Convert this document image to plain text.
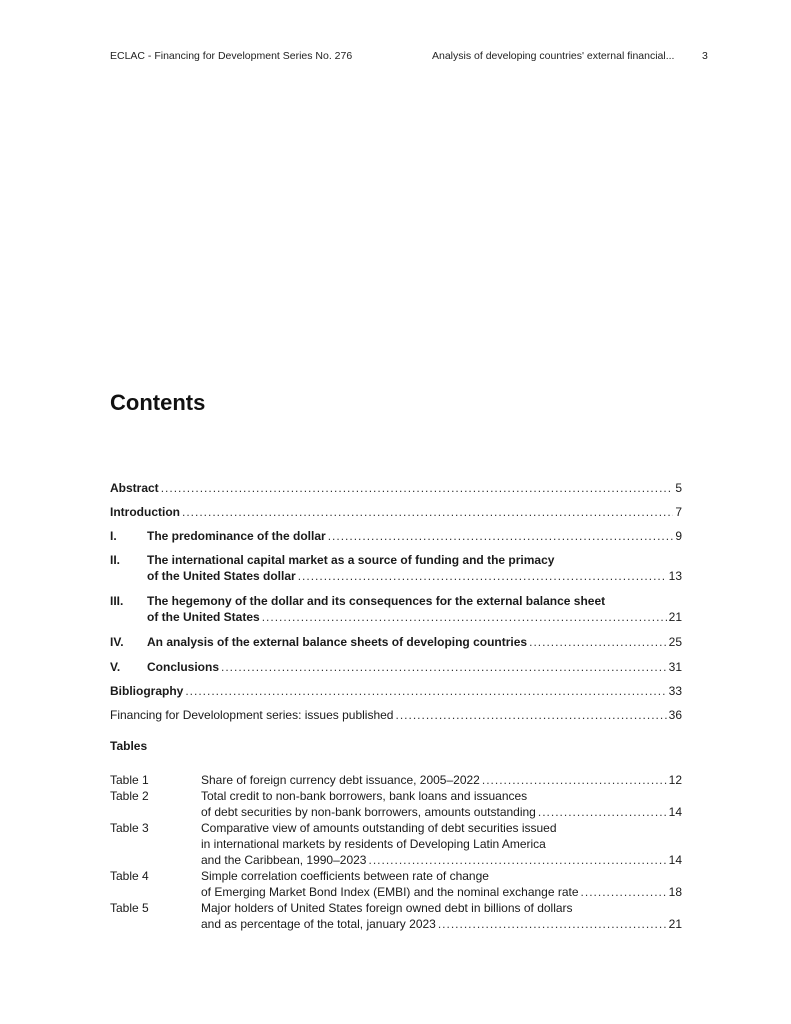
ECLAC - Financing for Development Series No. 276	Analysis of developing countries' external financial...	3
Contents
Abstract .....	5
Introduction .....	7
I.	The predominance of the dollar .....	9
II.	The international capital market as a source of funding and the primacy
of the United States dollar .....	13
III.	The hegemony of the dollar and its consequences for the external balance sheet
of the United States .....	21
IV.	An analysis of the external balance sheets of developing countries .....	25
V.	Conclusions .....	31
Bibliography .....	33
Financing for Develolopment series: issues published .....	36
Tables
Table 1	Share of foreign currency debt issuance, 2005–2022 .....	12
Table 2	Total credit to non-bank borrowers, bank loans and issuances
of debt securities by non-bank borrowers, amounts outstanding .....	14
Table 3	Comparative view of amounts outstanding of debt securities issued
in international markets by residents of Developing Latin America
and the Caribbean, 1990–2023 .....	14
Table 4	Simple correlation coefficients between rate of change
of Emerging Market Bond Index (EMBI) and the nominal exchange rate .....	18
Table 5	Major holders of United States foreign owned debt in billions of dollars
and as percentage of the total, january 2023 .....	21
